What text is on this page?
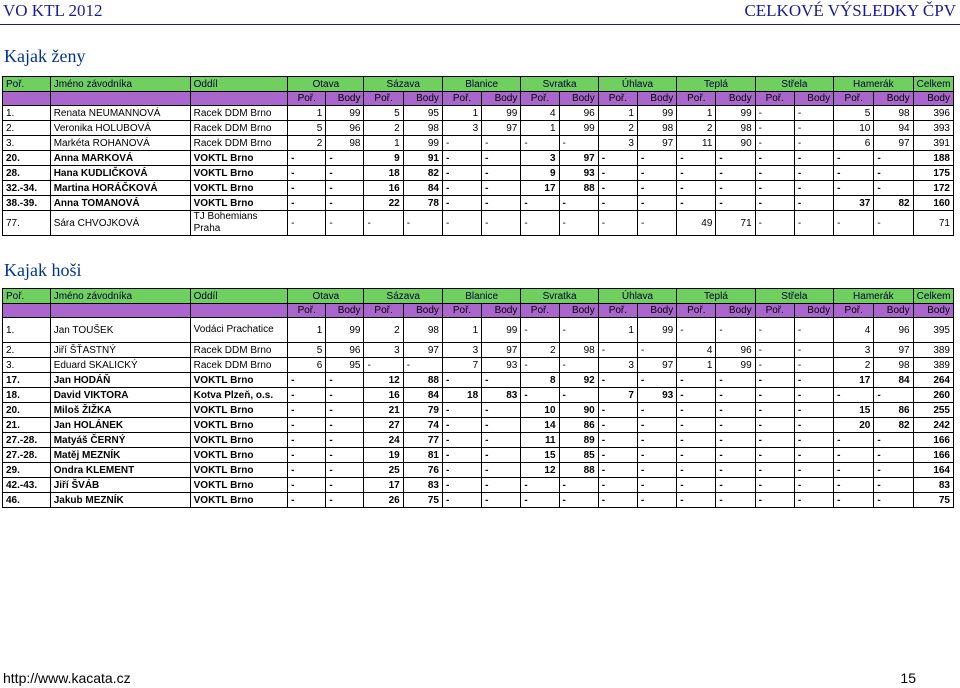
VO KTL 2012	CELKOVÉ VÝSLEDKY ČPV
Kajak ženy
Poř.	Jméno závodníka	Oddíl	Otava		Sázava		Blanice		Svratka		Úhlava		Teplá		Střela		Hamerák		Celkem
			Poř.	Body	Poř.	Body	Poř.	Body	Poř.	Body	Poř.	Body	Poř.	Body	Poř.	Body	Poř.	Body	Body
1.	Renata NEUMANNOVÁ	Racek DDM Brno	1	99	5	95	1	99	4	96	1	99	1	99	-	-	5	98	396
2.	Veronika HOLUBOVÁ	Racek DDM Brno	5	96	2	98	3	97	1	99	2	98	2	98	-	-	10	94	393
3.	Markéta ROHANOVÁ	Racek DDM Brno	2	98	1	99	-	-	-	-	3	97	11	90	-	-	6	97	391
20.	Anna MARKOVÁ	VOKTL Brno	-	-	9	91	-	-	3	97	-	-	-	-	-	-	-	-	188
28.	Hana KUDLIČKOVÁ	VOKTL Brno	-	-	18	82	-	-	9	93	-	-	-	-	-	-	-	-	175
32.-34.	Martina HORÁČKOVÁ	VOKTL Brno	-	-	16	84	-	-	17	88	-	-	-	-	-	-	-	-	172
38.-39.	Anna TOMANOVÁ	VOKTL Brno	-	-	22	78	-	-	-	-	-	-	-	-	-	-	37	82	160
77.	Sára CHVOJKOVÁ	TJ Bohemians Praha	-	-	-	-	-	-	-	-	-	-	49	71	-	-	-	-	71
Kajak hoši
Poř.	Jméno závodníka	Oddíl	Otava		Sázava		Blanice		Svratka		Úhlava		Teplá		Střela		Hamerák		Celkem
			Poř.	Body	Poř.	Body	Poř.	Body	Poř.	Body	Poř.	Body	Poř.	Body	Poř.	Body	Poř.	Body	Body
1.	Jan TOUŠEK	Vodáci Prachatice	1	99	2	98	1	99	-	-	1	99	-	-	-	-	4	96	395
2.	Jiří ŠŤASTNÝ	Racek DDM Brno	5	96	3	97	3	97	2	98	-	-	4	96	-	-	3	97	389
3.	Eduard SKALICKÝ	Racek DDM Brno	6	95	-	-	7	93	-	-	3	97	1	99	-	-	2	98	389
17.	Jan HODÁŇ	VOKTL Brno	-	-	12	88	-	-	8	92	-	-	-	-	-	-	17	84	264
18.	David VIKTORA	Kotva Plzeň, o.s.	-	-	16	84	18	83	-	-	7	93	-	-	-	-	-	-	260
20.	Miloš ŽIŽKA	VOKTL Brno	-	-	21	79	-	-	10	90	-	-	-	-	-	-	15	86	255
21.	Jan HOLÁNEK	VOKTL Brno	-	-	27	74	-	-	14	86	-	-	-	-	-	-	20	82	242
27.-28.	Matyáš ČERNÝ	VOKTL Brno	-	-	24	77	-	-	11	89	-	-	-	-	-	-	-	-	166
27.-28.	Matěj MEZNÍK	VOKTL Brno	-	-	19	81	-	-	15	85	-	-	-	-	-	-	-	-	166
29.	Ondra KLEMENT	VOKTL Brno	-	-	25	76	-	-	12	88	-	-	-	-	-	-	-	-	164
42.-43.	Jiří ŠVÁB	VOKTL Brno	-	-	17	83	-	-	-	-	-	-	-	-	-	-	-	-	83
46.	Jakub MEZNÍK	VOKTL Brno	-	-	26	75	-	-	-	-	-	-	-	-	-	-	-	-	75
http://www.kacata.cz	15
